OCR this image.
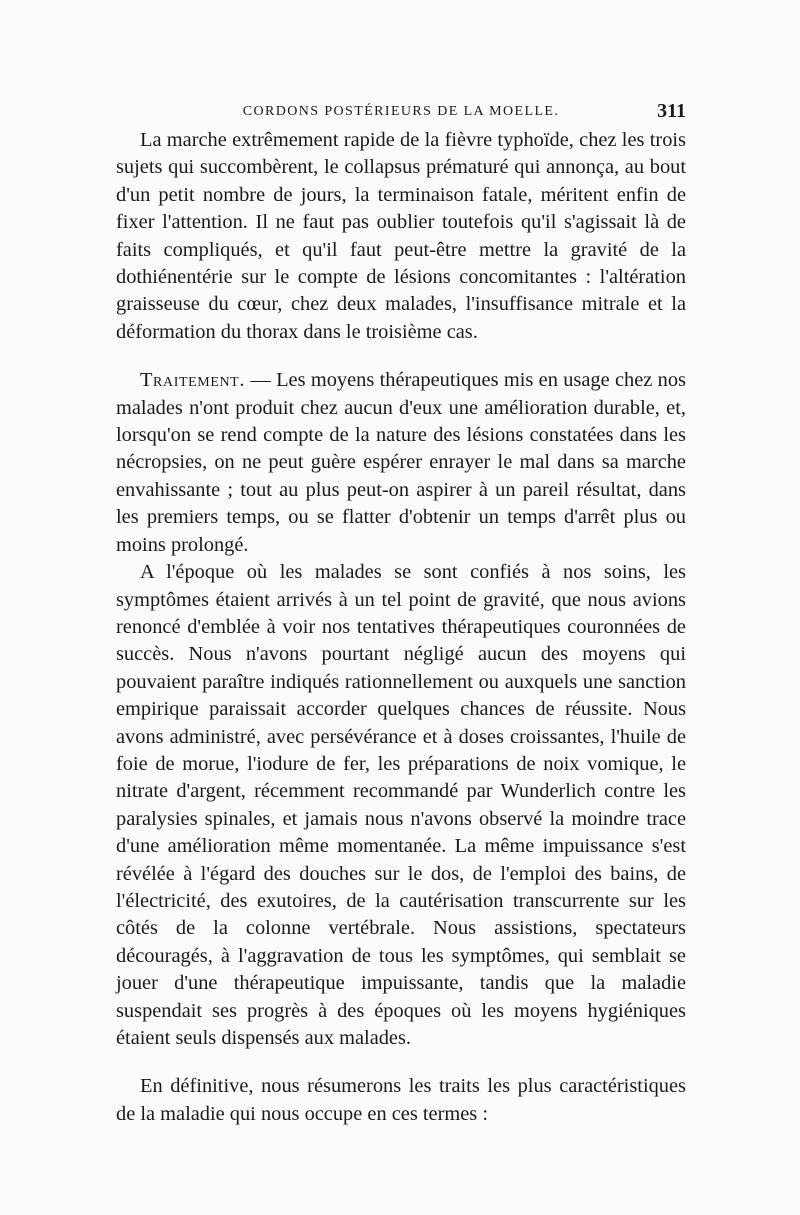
CORDONS POSTÉRIEURS DE LA MOELLE.	311

La marche extrêmement rapide de la fièvre typhoïde, chez les trois sujets qui succombèrent, le collapsus prématuré qui annonça, au bout d'un petit nombre de jours, la terminaison fatale, méritent enfin de fixer l'attention. Il ne faut pas oublier toutefois qu'il s'agissait là de faits compliqués, et qu'il faut peut-être mettre la gravité de la dothiénentérie sur le compte de lésions concomitantes : l'altération graisseuse du cœur, chez deux malades, l'insuffisance mitrale et la déformation du thorax dans le troisième cas.

Traitement. — Les moyens thérapeutiques mis en usage chez nos malades n'ont produit chez aucun d'eux une amélioration durable, et, lorsqu'on se rend compte de la nature des lésions constatées dans les nécropsies, on ne peut guère espérer enrayer le mal dans sa marche envahissante ; tout au plus peut-on aspirer à un pareil résultat, dans les premiers temps, ou se flatter d'obtenir un temps d'arrêt plus ou moins prolongé.

A l'époque où les malades se sont confiés à nos soins, les symptômes étaient arrivés à un tel point de gravité, que nous avions renoncé d'emblée à voir nos tentatives thérapeutiques couronnées de succès. Nous n'avons pourtant négligé aucun des moyens qui pouvaient paraître indiqués rationnellement ou auxquels une sanction empirique paraissait accorder quelques chances de réussite. Nous avons administré, avec persévérance et à doses croissantes, l'huile de foie de morue, l'iodure de fer, les préparations de noix vomique, le nitrate d'argent, récemment recommandé par Wunderlich contre les paralysies spinales, et jamais nous n'avons observé la moindre trace d'une amélioration même momentanée. La même impuissance s'est révélée à l'égard des douches sur le dos, de l'emploi des bains, de l'électricité, des exutoires, de la cautérisation transcurrente sur les côtés de la colonne vertébrale. Nous assistions, spectateurs découragés, à l'aggravation de tous les symptômes, qui semblait se jouer d'une thérapeutique impuissante, tandis que la maladie suspendait ses progrès à des époques où les moyens hygiéniques étaient seuls dispensés aux malades.

En définitive, nous résumerons les traits les plus caractéristiques de la maladie qui nous occupe en ces termes :
